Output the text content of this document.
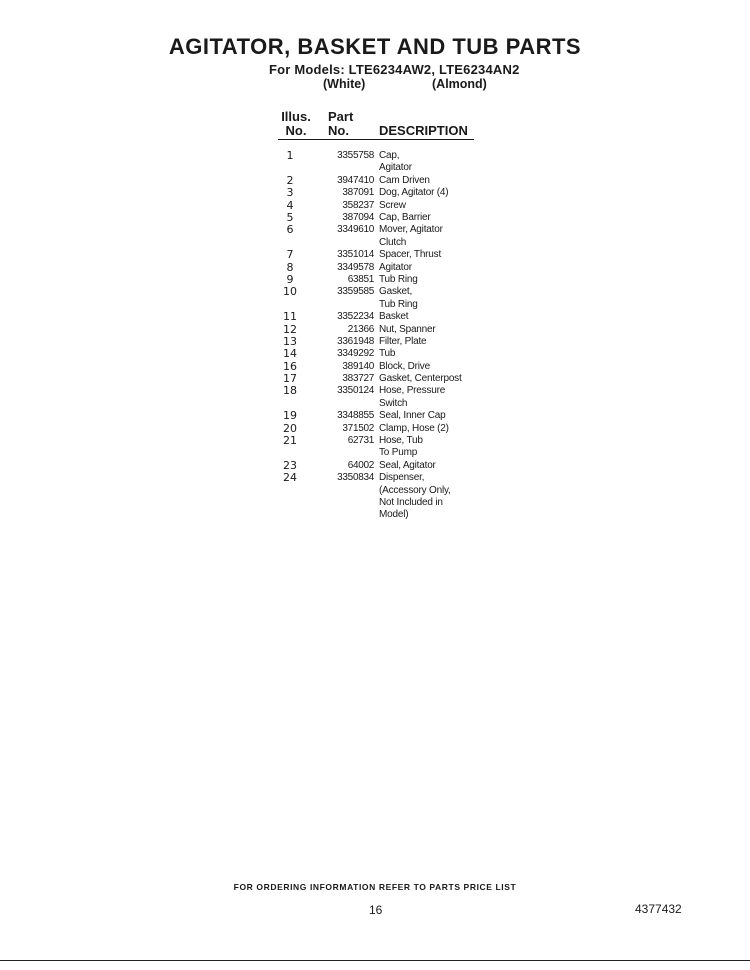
AGITATOR, BASKET AND TUB PARTS
For Models: LTE6234AW2, LTE6234AN2
(White)	(Almond)
Illus.
No.
Part
No.	DESCRIPTION
1	3355758 Cap,
Agitator
2	3947410 Cam Driven
3	387091 Dog, Agitator (4)
4	358237 Screw
5	387094 Cap, Barrier
6	3349610 Mover, Agitator
Clutch
7	3351014 Spacer, Thrust
8	3349578 Agitator
9	63851 Tub Ring
10	3359585 Gasket,
Tub Ring
11	3352234 Basket
12	21366 Nut, Spanner
13	3361948 Filter, Plate
14	3349292 Tub
16	389140 Block, Drive
17	383727 Gasket, Centerpost
18	3350124 Hose, Pressure
Switch
19	3348855 Seal, Inner Cap
20	371502 Clamp, Hose (2)
21	62731 Hose, Tub
To Pump
23	64002 Seal, Agitator
24	3350834 Dispenser,
(Accessory Only,
Not Included in
Model)
FOR ORDERING INFORMATION REFER TO PARTS PRICE LIST
16	4377432
